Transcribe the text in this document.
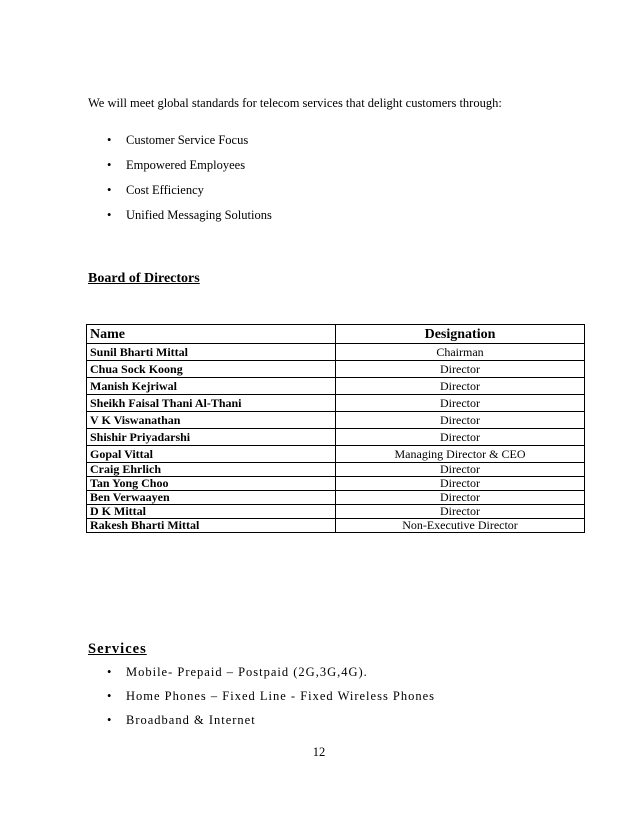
We will meet global standards for telecom services that delight customers through:

• Customer Service Focus
• Empowered Employees
• Cost Efficiency
• Unified Messaging Solutions
Board of Directors
Name	Designation
Sunil Bharti Mittal	Chairman
Chua Sock Koong	Director
Manish Kejriwal	Director
Sheikh Faisal Thani Al-Thani	Director
V K Viswanathan	Director
Shishir Priyadarshi	Director
Gopal Vittal	Managing Director & CEO
Craig Ehrlich	Director
Tan Yong Choo	Director
Ben Verwaayen	Director
D K Mittal	Director
Rakesh Bharti Mittal	Non-Executive Director
Services
• Mobile- Prepaid – Postpaid (2G,3G,4G).
• Home Phones – Fixed Line - Fixed Wireless Phones
• Broadband & Internet

12
